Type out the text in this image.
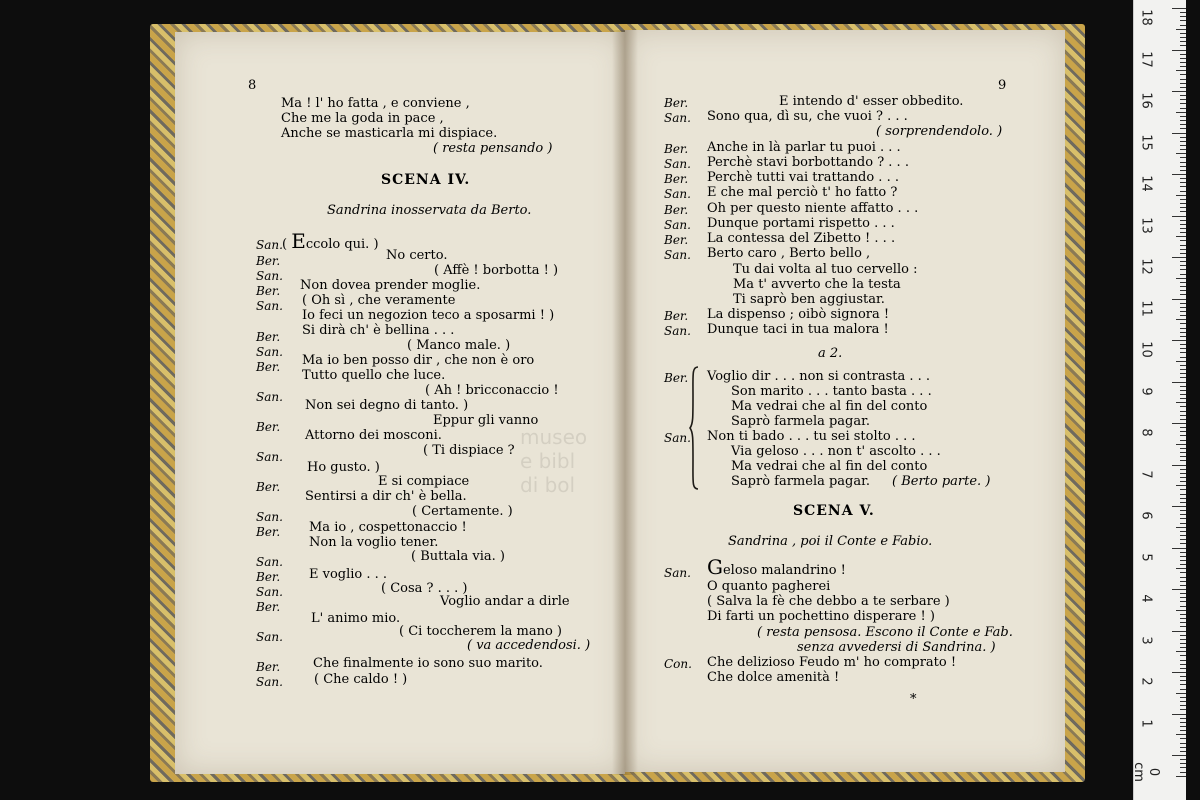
museo
e bibl
di bol
8
Ma ! l' ho fatta , e conviene ,
Che me la goda in pace ,
Anche se masticarla mi dispiace.
( resta pensando )
SCENA IV.
Sandrina inosservata da Berto.
San.
Ber.
San.
Ber.
San.
Ber.
San.
Ber.
San.
Ber.
San.
Ber.
San.
Ber.
San.
Ber.
San.
Ber.
San.
Ber.
San.
( Eccolo qui. )
No certo.
( Affè ! borbotta ! )
Non dovea prender moglie.
( Oh sì , che veramente
Io feci un negozion teco a sposarmi ! )
Si dirà ch' è bellina . . .
( Manco male. )
Ma io ben posso dir , che non è oro
Tutto quello che luce.
( Ah ! bricconaccio !
Non sei degno di tanto. )
Eppur gli vanno
Attorno dei mosconi.
( Ti dispiace ?
Ho gusto. )
E si compiace
Sentirsi a dir ch' è bella.
( Certamente. )
Ma io , cospettonaccio !
Non la voglio tener.
( Buttala via. )
E voglio . . .
( Cosa ? . . . )
Voglio andar a dirle
L' animo mio.
( Ci toccherem la mano )
( va accedendosi. )
Che finalmente io sono suo marito.
( Che caldo ! )
9
Ber.	E intendo d' esser obbedito.
San. Sono qua, dì su, che vuoi ? . . .
( sorprendendolo. )
Ber. Anche in là parlar tu puoi . . .
San. Perchè stavi borbottando ? . . .
Ber. Perchè tutti vai trattando . . .
San. E che mal perciò t' ho fatto ?
Ber. Oh per questo niente affatto . . .
San. Dunque portami rispetto . . .
Ber. La contessa del Zibetto ! . . .
San. Berto caro , Berto bello ,
Tu dai volta al tuo cervello :
Ma t' avverto che la testa
Ti saprò ben aggiustar.
Ber. La dispenso ; oibò signora !
San. Dunque taci in tua malora !
a 2.
Ber. Voglio dir . . . non si contrasta . . .
Son marito . . . tanto basta . . .
Ma vedrai che al fin del conto
Saprò farmela pagar.
San. Non ti bado . . . tu sei stolto . . .
Via geloso . . . non t' ascolto . . .
Ma vedrai che al fin del conto
Saprò farmela pagar. ( Berto parte. )
SCENA V.
Sandrina , poi il Conte e Fabio.
San. Geloso malandrino !
O quanto pagherei
( Salva la fè che debbo a te serbare )
Di farti un pochettino disperare ! )
( resta pensosa. Escono il Conte e Fab.
senza avvedersi di Sandrina. )
Con. Che delizioso Feudo m' ho comprato !
Che dolce amenità !
*
18
17
16
15
14
13
12
11
10
9
8
7
6
5
4
3
2
1
0 cm
